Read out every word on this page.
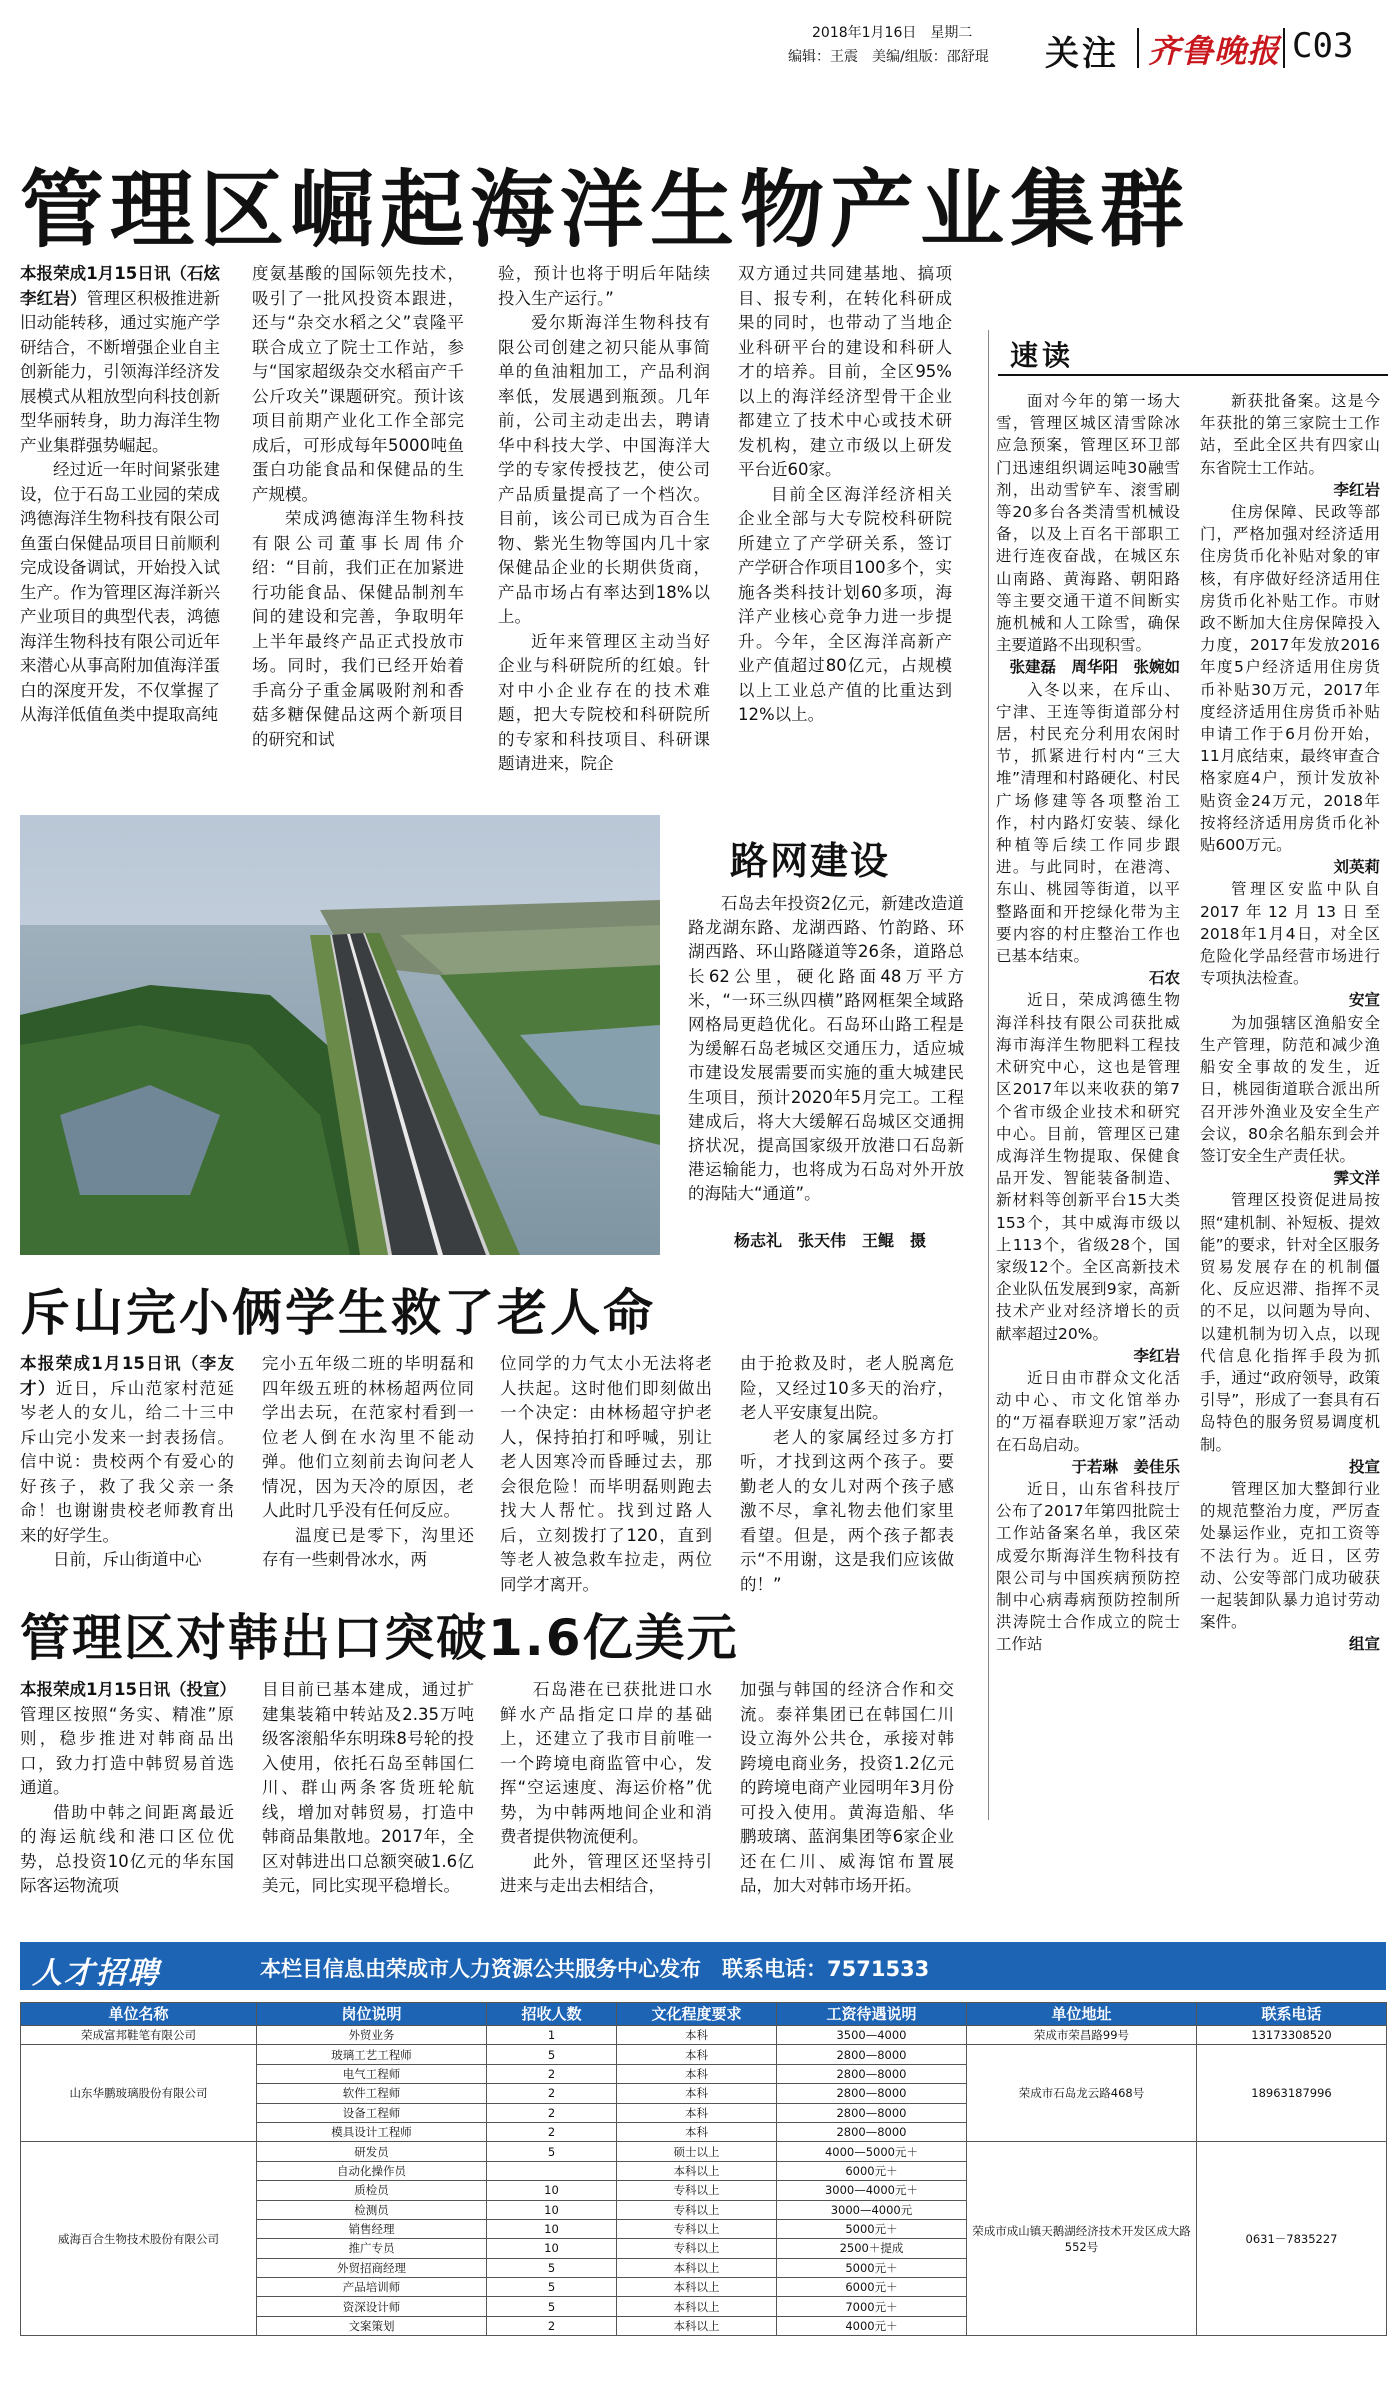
2018年1月16日　星期二
编辑：王震　美编/组版：邵舒琨 关注 齐鲁晚报 C03
管理区崛起海洋生物产业集群

本报荣成1月15日讯（石炫　李红岩）管理区积极推进新旧动能转移，通过实施产学研结合，不断增强企业自主创新能力，引领海洋经济发展模式从粗放型向科技创新型华丽转身，助力海洋生物产业集群强势崛起。

经过近一年时间紧张建设，位于石岛工业园的荣成鸿德海洋生物科技有限公司鱼蛋白保健品项目日前顺利完成设备调试，开始投入试生产。作为管理区海洋新兴产业项目的典型代表，鸿德海洋生物科技有限公司近年来潜心从事高附加值海洋蛋白的深度开发，不仅掌握了从海洋低值鱼类中提取高纯

度氨基酸的国际领先技术，吸引了一批风投资本跟进，还与“杂交水稻之父”袁隆平联合成立了院士工作站，参与“国家超级杂交水稻亩产千公斤攻关”课题研究。预计该项目前期产业化工作全部完成后，可形成每年5000吨鱼蛋白功能食品和保健品的生产规模。

荣成鸿德海洋生物科技有限公司董事长周伟介绍：“目前，我们正在加紧进行功能食品、保健品制剂车间的建设和完善，争取明年上半年最终产品正式投放市场。同时，我们已经开始着手高分子重金属吸附剂和香菇多糖保健品这两个新项目的研究和试

验，预计也将于明后年陆续投入生产运行。”

爱尔斯海洋生物科技有限公司创建之初只能从事简单的鱼油粗加工，产品利润率低，发展遇到瓶颈。几年前，公司主动走出去，聘请华中科技大学、中国海洋大学的专家传授技艺，使公司产品质量提高了一个档次。目前，该公司已成为百合生物、紫光生物等国内几十家保健品企业的长期供货商，产品市场占有率达到18%以上。

近年来管理区主动当好企业与科研院所的红娘。针对中小企业存在的技术难题，把大专院校和科研院所的专家和科技项目、科研课题请进来，院企

双方通过共同建基地、搞项目、报专利，在转化科研成果的同时，也带动了当地企业科研平台的建设和科研人才的培养。目前，全区95%以上的海洋经济型骨干企业都建立了技术中心或技术研发机构，建立市级以上研发平台近60家。

目前全区海洋经济相关企业全部与大专院校科研院所建立了产学研关系，签订产学研合作项目100多个，实施各类科技计划60多项，海洋产业核心竞争力进一步提升。今年，全区海洋高新产业产值超过80亿元，占规模以上工业总产值的比重达到12%以上。

路网建设

石岛去年投资2亿元，新建改造道路龙湖东路、龙湖西路、竹韵路、环湖西路、环山路隧道等26条，道路总长62公里，硬化路面48万平方米，“一环三纵四横”路网框架全域路网格局更趋优化。石岛环山路工程是为缓解石岛老城区交通压力，适应城市建设发展需要而实施的重大城建民生项目，预计2020年5月完工。工程建成后，将大大缓解石岛城区交通拥挤状况，提高国家级开放港口石岛新港运输能力，也将成为石岛对外开放的海陆大“通道”。

杨志礼　张天伟　王鲲　摄
速读

面对今年的第一场大雪，管理区城区清雪除冰应急预案，管理区环卫部门迅速组织调运吨30融雪剂，出动雪铲车、滚雪刷等20多台各类清雪机械设备，以及上百名干部职工进行连夜奋战，在城区东山南路、黄海路、朝阳路等主要交通干道不间断实施机械和人工除雪，确保主要道路不出现积雪。

张建磊　周华阳　张婉如

入冬以来，在斥山、宁津、王连等街道部分村居，村民充分利用农闲时节，抓紧进行村内“三大堆”清理和村路硬化、村民广场修建等各项整治工作，村内路灯安装、绿化种植等后续工作同步跟进。与此同时，在港湾、东山、桃园等街道，以平整路面和开挖绿化带为主要内容的村庄整治工作也已基本结束。

石农

近日，荣成鸿德生物海洋科技有限公司获批威海市海洋生物肥料工程技术研究中心，这也是管理区2017年以来收获的第7个省市级企业技术和研究中心。目前，管理区已建成海洋生物提取、保健食品开发、智能装备制造、新材料等创新平台15大类153个，其中威海市级以上113个，省级28个，国家级12个。全区高新技术企业队伍发展到9家，高新技术产业对经济增长的贡献率超过20%。

李红岩

近日由市群众文化活动中心、市文化馆举办的“万福春联迎万家”活动在石岛启动。

于若琳　姜佳乐

近日，山东省科技厅公布了2017年第四批院士工作站备案名单，我区荣成爱尔斯海洋生物科技有限公司与中国疾病预防控制中心病毒病预防控制所洪涛院士合作成立的院士工作站

新获批备案。这是今年获批的第三家院士工作站，至此全区共有四家山东省院士工作站。

李红岩

住房保障、民政等部门，严格加强对经济适用住房货币化补贴对象的审核，有序做好经济适用住房货币化补贴工作。市财政不断加大住房保障投入力度，2017年发放2016年度5户经济适用住房货币补贴30万元，2017年度经济适用住房货币补贴申请工作于6月份开始，11月底结束，最终审查合格家庭4户，预计发放补贴资金24万元，2018年按将经济适用房货币化补贴600万元。

刘英莉

管理区安监中队自2017年12月13日至2018年1月4日，对全区危险化学品经营市场进行专项执法检查。

安宣

为加强辖区渔船安全生产管理，防范和减少渔船安全事故的发生，近日，桃园街道联合派出所召开涉外渔业及安全生产会议，80余名船东到会并签订安全生产责任状。

霁文洋

管理区投资促进局按照“建机制、补短板、提效能”的要求，针对全区服务贸易发展存在的机制僵化、反应迟滞、指挥不灵的不足，以问题为导向、以建机制为切入点，以现代信息化指挥手段为抓手，通过“政府领导，政策引导”，形成了一套具有石岛特色的服务贸易调度机制。

投宣

管理区加大整卸行业的规范整治力度，严厉查处暴运作业，克扣工资等不法行为。近日，区劳动、公安等部门成功破获一起装卸队暴力追讨劳动案件。

组宣
斥山完小俩学生救了老人命

本报荣成1月15日讯（李友才）近日，斥山范家村范延岑老人的女儿，给二十三中斥山完小发来一封表扬信。信中说：贵校两个有爱心的好孩子，救了我父亲一条命！也谢谢贵校老师教育出来的好学生。

日前，斥山街道中心

完小五年级二班的毕明磊和四年级五班的林杨超两位同学出去玩，在范家村看到一位老人倒在水沟里不能动弹。他们立刻前去询问老人情况，因为天冷的原因，老人此时几乎没有任何反应。

温度已是零下，沟里还存有一些刺骨冰水，两

位同学的力气太小无法将老人扶起。这时他们即刻做出一个决定：由林杨超守护老人，保持拍打和呼喊，别让老人因寒冷而昏睡过去，那会很危险！而毕明磊则跑去找大人帮忙。找到过路人后，立刻拨打了120，直到等老人被急救车拉走，两位同学才离开。

由于抢救及时，老人脱离危险，又经过10多天的治疗，老人平安康复出院。

老人的家属经过多方打听，才找到这两个孩子。要勤老人的女儿对两个孩子感激不尽，拿礼物去他们家里看望。但是，两个孩子都表示“不用谢，这是我们应该做的！”

管理区对韩出口突破1.6亿美元

本报荣成1月15日讯（投宣）管理区按照“务实、精准”原则，稳步推进对韩商品出口，致力打造中韩贸易首选通道。

借助中韩之间距离最近的海运航线和港口区位优势，总投资10亿元的华东国际客运物流项

目目前已基本建成，通过扩建集装箱中转站及2.35万吨级客滚船华东明珠8号轮的投入使用，依托石岛至韩国仁川、群山两条客货班轮航线，增加对韩贸易，打造中韩商品集散地。2017年，全区对韩进出口总额突破1.6亿美元，同比实现平稳增长。

石岛港在已获批进口水鲜水产品指定口岸的基础上，还建立了我市目前唯一一个跨境电商监管中心，发挥“空运速度、海运价格”优势，为中韩两地间企业和消费者提供物流便利。

此外，管理区还坚持引进来与走出去相结合，

加强与韩国的经济合作和交流。泰祥集团已在韩国仁川设立海外公共仓，承接对韩跨境电商业务，投资1.2亿元的跨境电商产业园明年3月份可投入使用。黄海造船、华鹏玻璃、蓝润集团等6家企业还在仁川、威海馆布置展品，加大对韩市场开拓。

人才招聘	本栏目信息由荣成市人力资源公共服务中心发布　联系电话：7571533
单位名称	岗位说明	招收人数	文化程度要求	工资待遇说明	单位地址	联系电话
荣成富邦鞋笔有限公司	外贸业务	1	本科	3500—4000	荣成市荣昌路99号	13173308520
山东华鹏玻璃股份有限公司	玻璃工艺工程师	5	本科	2800—8000	荣成市石岛龙云路468号	18963187996
	电气工程师	2	本科	2800—8000		
	软件工程师	2	本科	2800—8000		
	设备工程师	2	本科	2800—8000		
	模具设计工程师	2	本科	2800—8000		
威海百合生物技术股份有限公司	研发员	5	硕士以上	4000—5000元＋	荣成市成山镇天鹅湖经济技术开发区成大路552号	0631－7835227
	自动化操作员		本科以上	6000元＋		
	质检员	10	专科以上	3000—4000元＋		
	检测员	10	专科以上	3000—4000元		
	销售经理	10	专科以上	5000元＋		
	推广专员	10	专科以上	2500＋提成		
	外贸招商经理	5	本科以上	5000元＋		
	产品培训师	5	本科以上	6000元＋		
	资深设计师	5	本科以上	7000元＋		
	文案策划	2	本科以上	4000元＋		
